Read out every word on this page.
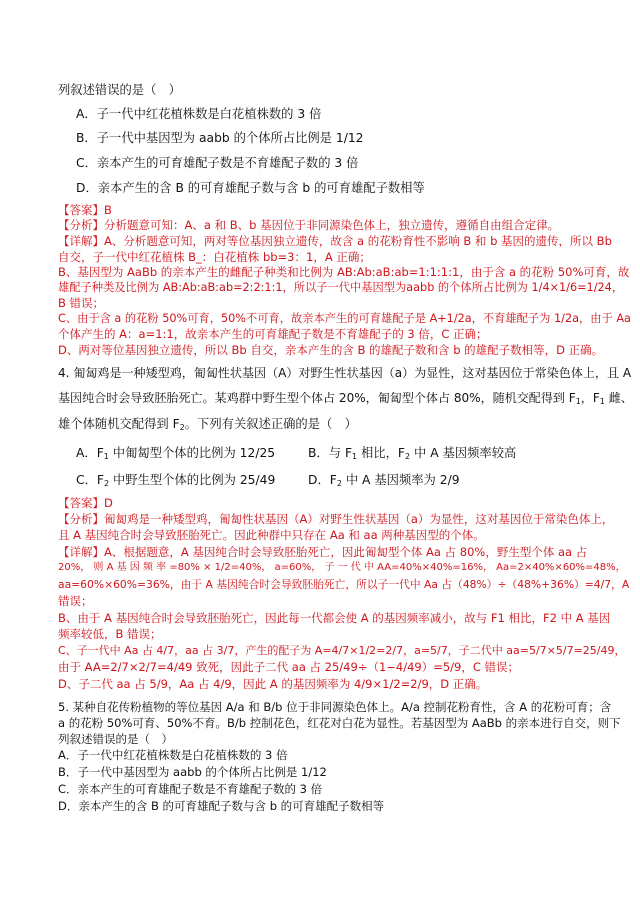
列叙述错误的是（　）
A．子一代中红花植株数是白花植株数的 3 倍
B．子一代中基因型为 aabb 的个体所占比例是 1/12
C．亲本产生的可育雄配子数是不育雄配子数的 3 倍
D．亲本产生的含 B 的可育雄配子数与含 b 的可育雄配子数相等
【答案】B
【分析】分析题意可知：A、a 和 B、b 基因位于非同源染色体上，独立遗传，遵循自由组合定律。
【详解】A、分析题意可知，两对等位基因独立遗传，故含 a 的花粉育性不影响 B 和 b 基因的遗传，所以 Bb
自交，子一代中红花植株 B_：白花植株 bb=3：1，A 正确；
B、基因型为 AaBb 的亲本产生的雌配子种类和比例为 AB:Ab:aB:ab=1:1:1:1，由于含 a 的花粉 50%可育，故
雄配子种类及比例为 AB:Ab:aB:ab=2:2:1:1，所以子一代中基因型为aabb 的个体所占比例为 1/4×1/6=1/24，
B 错误；
C、由于含 a 的花粉 50%可育，50%不可育，故亲本产生的可育雄配子是 A+1/2a，不育雄配子为 1/2a，由于 Aa
个体产生的 A：a=1:1，故亲本产生的可育雄配子数是不育雄配子的 3 倍，C 正确；
D、两对等位基因独立遗传，所以 Bb 自交，亲本产生的含 B 的雄配子数和含 b 的雄配子数相等，D 正确。
4. 匍匐鸡是一种矮型鸡，匍匐性状基因（A）对野生性状基因（a）为显性，这对基因位于常染色体上，且 A
基因纯合时会导致胚胎死亡。某鸡群中野生型个体占 20%，匍匐型个体占 80%，随机交配得到 $F_1$，$F_1$ 雌、
雄个体随机交配得到 $F_2$。下列有关叙述正确的是（　）
A．$F_1$ 中匍匐型个体的比例为 12/25	B．与 $F_1$ 相比，$F_2$ 中 A 基因频率较高
C．$F_2$ 中野生型个体的比例为 25/49	D．$F_2$ 中 A 基因频率为 2/9
【答案】D
【分析】匍匐鸡是一种矮型鸡，匍匐性状基因（A）对野生性状基因（a）为显性，这对基因位于常染色体上，
且 A 基因纯合时会导致胚胎死亡。因此种群中只存在 Aa 和 aa 两种基因型的个体。
【详解】A、根据题意，A 基因纯合时会导致胚胎死亡，因此匍匐型个体 Aa 占 80%，野生型个体 aa 占
20%， 则 A 基 因 频 率 =80% × 1/2=40%， a=60%， 子 一 代 中 AA=40%×40%=16%， Aa=2×40%×60%=48%，
aa=60%×60%=36%，由于 A 基因纯合时会导致胚胎死亡，所以子一代中 Aa 占（48%）÷（48%+36%）=4/7，A
错误；
B、由于 A 基因纯合时会导致胚胎死亡，因此每一代都会使 A 的基因频率减小，故与 F1 相比，F2 中 A 基因
频率较低，B 错误；
C、子一代中 Aa 占 4/7，aa 占 3/7，产生的配子为 A=4/7×1/2=2/7，a=5/7，子二代中 aa=5/7×5/7=25/49，
由于 AA=2/7×2/7=4/49 致死，因此子二代 aa 占 25/49÷（1−4/49）=5/9，C 错误；
D、子二代 aa 占 5/9，Aa 占 4/9，因此 A 的基因频率为 4/9×1/2=2/9，D 正确。
5. 某种自花传粉植物的等位基因 A/a 和 B/b 位于非同源染色体上。A/a 控制花粉育性，含 A 的花粉可育；含
a 的花粉 50%可育、50%不育。B/b 控制花色，红花对白花为显性。若基因型为 AaBb 的亲本进行自交，则下
列叙述错误的是（　）
A．子一代中红花植株数是白花植株数的 3 倍
B．子一代中基因型为 aabb 的个体所占比例是 1/12
C．亲本产生的可育雄配子数是不育雄配子数的 3 倍
D．亲本产生的含 B 的可育雄配子数与含 b 的可育雄配子数相等
